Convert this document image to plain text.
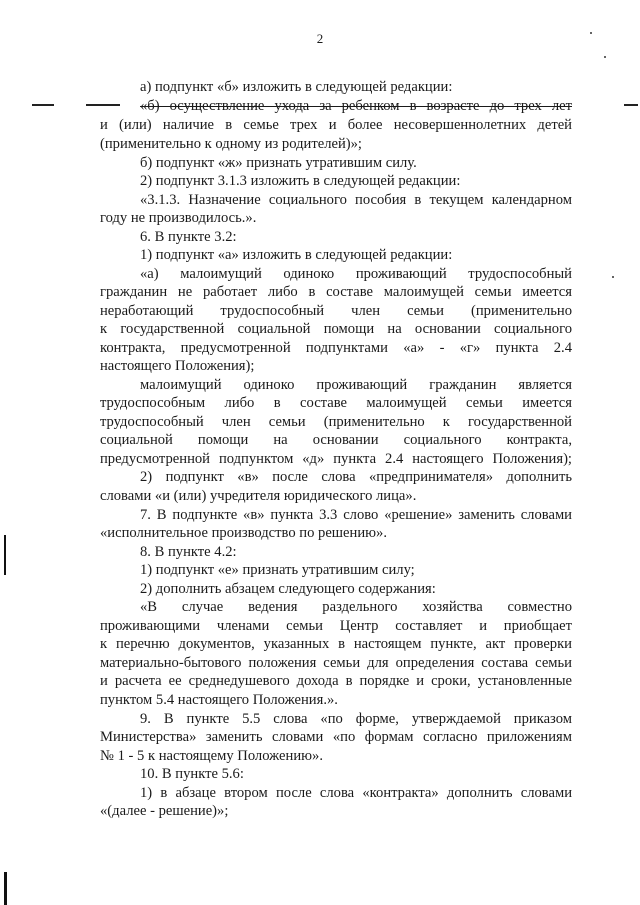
2
а) подпункт «б» изложить в следующей редакции:
«б) осуществление ухода за ребенком в возрасте до трех лет
и (или) наличие в семье трех и более несовершеннолетних детей
(применительно к одному из родителей)»;
б) подпункт «ж» признать утратившим силу.
2) подпункт 3.1.3 изложить в следующей редакции:
«3.1.3. Назначение социального пособия в текущем календарном
году не производилось.».
6. В пункте 3.2:
1) подпункт «а» изложить в следующей редакции:
«а) малоимущий одиноко проживающий трудоспособный
гражданин не работает либо в составе малоимущей семьи имеется
неработающий трудоспособный член семьи (применительно
к государственной социальной помощи на основании социального
контракта, предусмотренной подпунктами «а» - «г» пункта 2.4
настоящего Положения);
малоимущий одиноко проживающий гражданин является
трудоспособным либо в составе малоимущей семьи имеется
трудоспособный член семьи (применительно к государственной
социальной помощи на основании социального контракта,
предусмотренной подпунктом «д» пункта 2.4 настоящего Положения);
2) подпункт «в» после слова «предпринимателя» дополнить
словами «и (или) учредителя юридического лица».
7. В подпункте «в» пункта 3.3 слово «решение» заменить словами
«исполнительное производство по решению».
8. В пункте 4.2:
1) подпункт «е» признать утратившим силу;
2) дополнить абзацем следующего содержания:
«В случае ведения раздельного хозяйства совместно
проживающими членами семьи Центр составляет и приобщает
к перечню документов, указанных в настоящем пункте, акт проверки
материально-бытового положения семьи для определения состава семьи
и расчета ее среднедушевого дохода в порядке и сроки, установленные
пунктом 5.4 настоящего Положения.».
9. В пункте 5.5 слова «по форме, утверждаемой приказом
Министерства» заменить словами «по формам согласно приложениям
№ 1 - 5 к настоящему Положению».
10. В пункте 5.6:
1) в абзаце втором после слова «контракта» дополнить словами
«(далее - решение)»;
